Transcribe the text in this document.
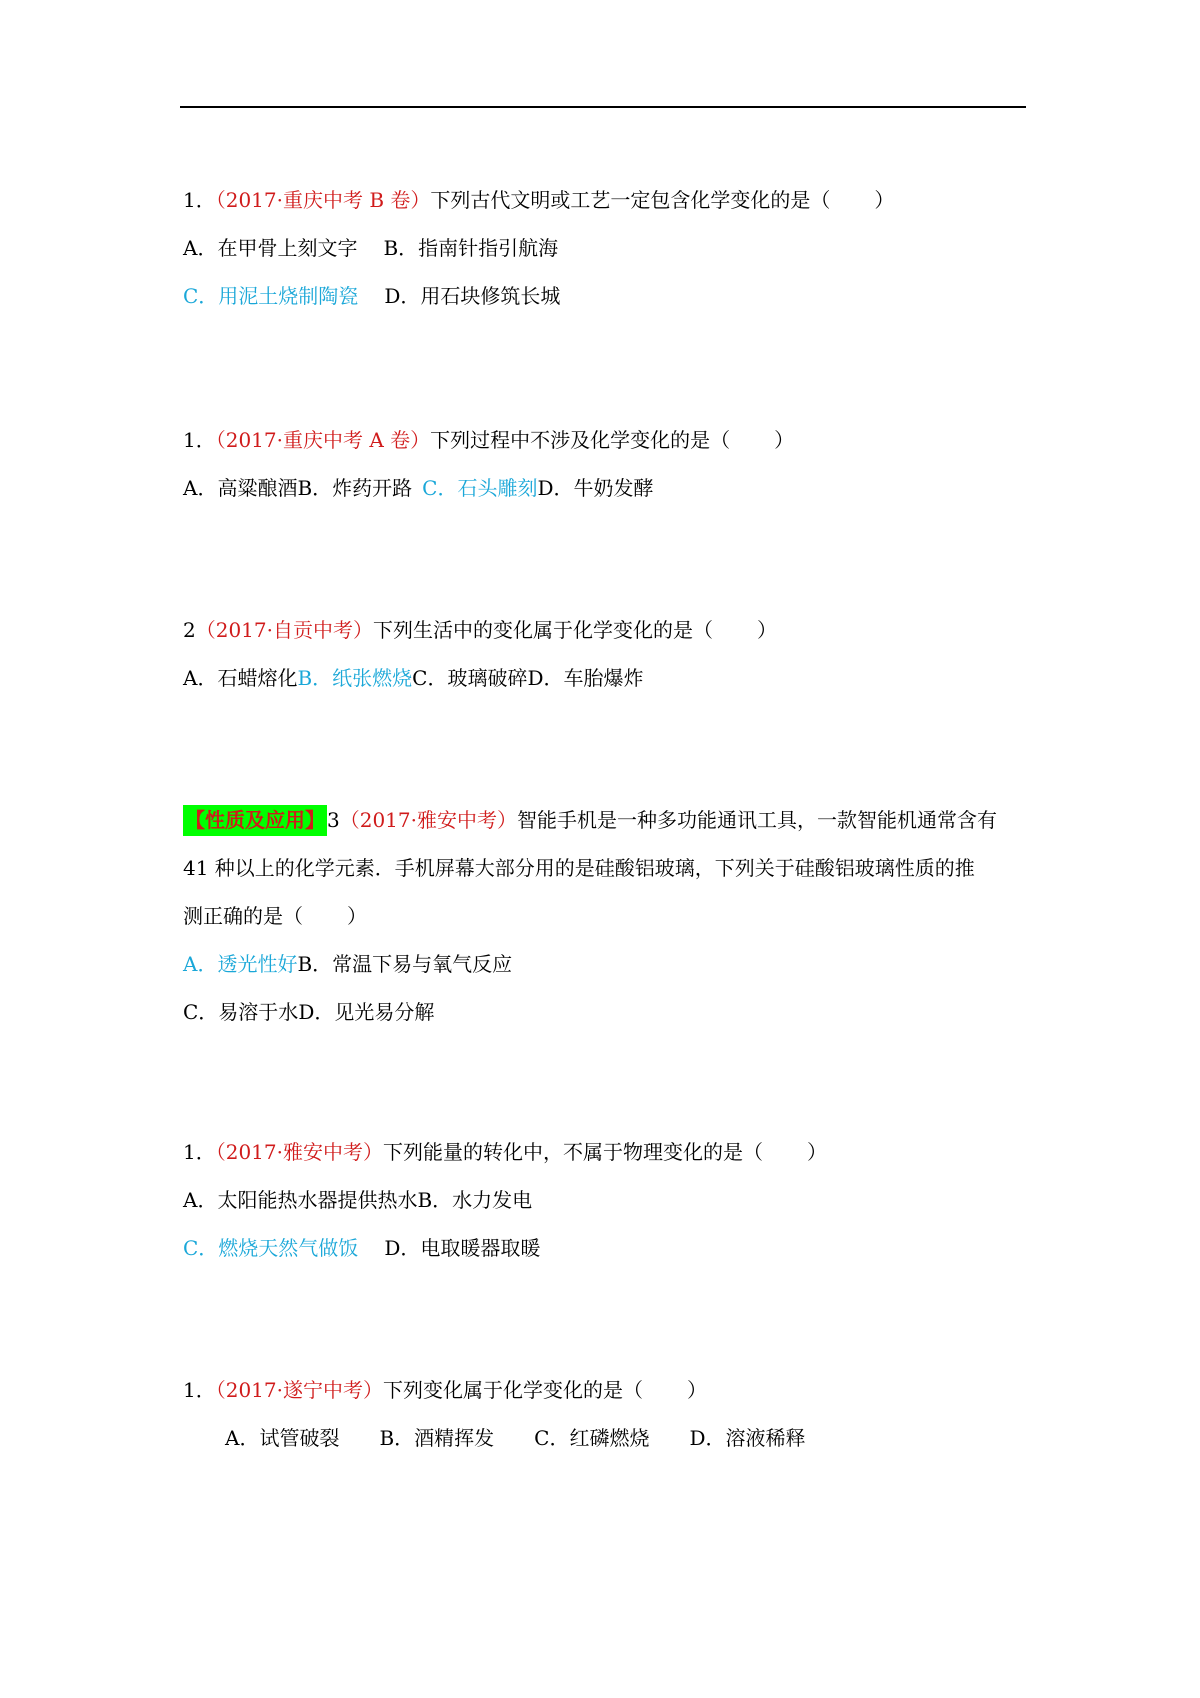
1．（2017·重庆中考 B 卷）下列古代文明或工艺一定包含化学变化的是（ ）
A．在甲骨上刻文字 B．指南针指引航海
C．用泥土烧制陶瓷 D．用石块修筑长城
1．（2017·重庆中考 A 卷）下列过程中不涉及化学变化的是（ ）
A．高粱酿酒B．炸药开路 C．石头雕刻D．牛奶发酵
2（2017·自贡中考）下列生活中的变化属于化学变化的是（ ）
A．石蜡熔化B．纸张燃烧C．玻璃破碎D．车胎爆炸
【性质及应用】 3（2017·雅安中考）智能手机是一种多功能通讯工具，一款智能机通常含有
41 种以上的化学元素．手机屏幕大部分用的是硅酸铝玻璃，下列关于硅酸铝玻璃性质的推
测正确的是（ ）
A．透光性好B．常温下易与氧气反应
C．易溶于水D．见光易分解
1．（2017·雅安中考）下列能量的转化中，不属于物理变化的是（ ）
A．太阳能热水器提供热水B．水力发电
C．燃烧天然气做饭 D．电取暖器取暖
1．（2017·遂宁中考）下列变化属于化学变化的是（ ）
A．试管破裂 B．酒精挥发 C．红磷燃烧 D．溶液稀释
